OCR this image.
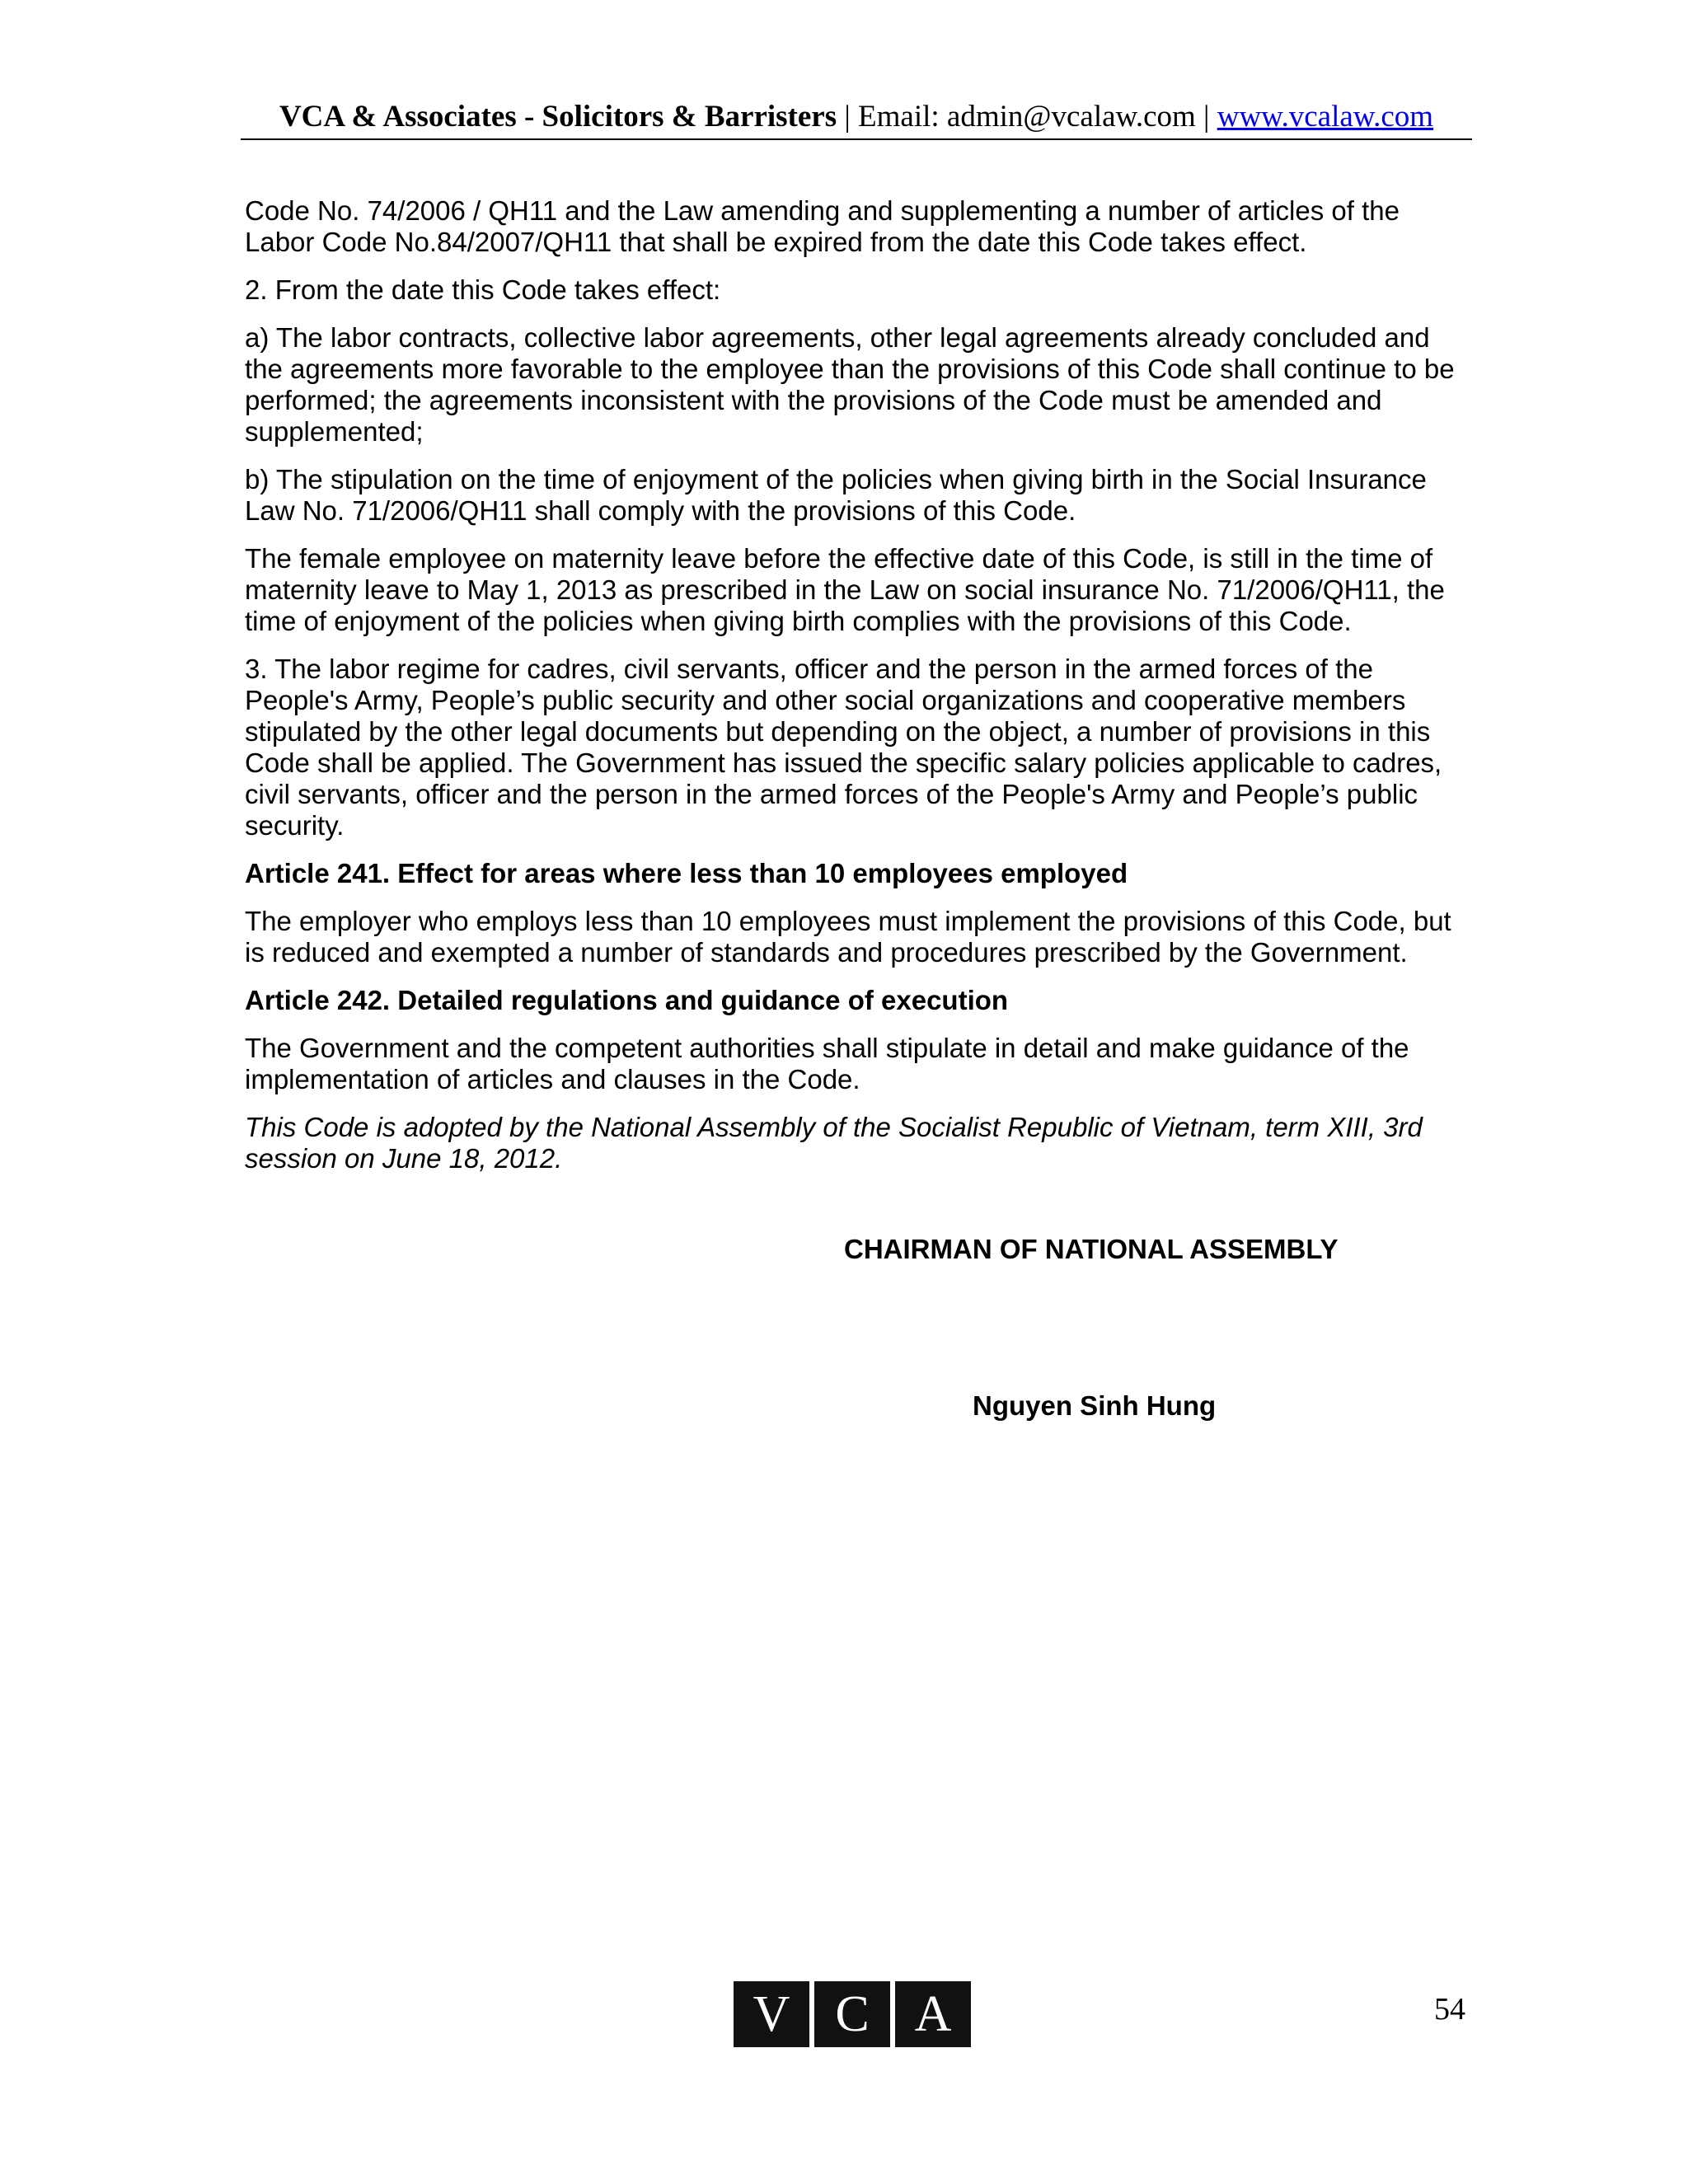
VCA & Associates - Solicitors & Barristers | Email: admin@vcalaw.com | www.vcalaw.com

Code No. 74/2006 / QH11 and the Law amending and supplementing a number of articles of the Labor Code No.84/2007/QH11 that shall be expired from the date this Code takes effect.

2. From the date this Code takes effect:

a) The labor contracts, collective labor agreements, other legal agreements already concluded and the agreements more favorable to the employee than the provisions of this Code shall continue to be performed; the agreements inconsistent with the provisions of the Code must be amended and supplemented;

b) The stipulation on the time of enjoyment of the policies when giving birth in the Social Insurance Law No. 71/2006/QH11 shall comply with the provisions of this Code.

The female employee on maternity leave before the effective date of this Code, is still in the time of maternity leave to May 1, 2013 as prescribed in the Law on social insurance No. 71/2006/QH11, the time of enjoyment of the policies when giving birth complies with the provisions of this Code.

3. The labor regime for cadres, civil servants, officer and the person in the armed forces of the People's Army, People’s public security and other social organizations and cooperative members stipulated by the other legal documents but depending on the object, a number of provisions in this Code shall be applied. The Government has issued the specific salary policies applicable to cadres, civil servants, officer and the person in the armed forces of the People's Army and People’s public security.

Article 241. Effect for areas where less than 10 employees employed

The employer who employs less than 10 employees must implement the provisions of this Code, but is reduced and exempted a number of standards and procedures prescribed by the Government.

Article 242. Detailed regulations and guidance of execution

The Government and the competent authorities shall stipulate in detail and make guidance of the implementation of articles and clauses in the Code.

This Code is adopted by the National Assembly of the Socialist Republic of Vietnam, term XIII, 3rd session on June 18, 2012.

CHAIRMAN OF NATIONAL ASSEMBLY
Nguyen Sinh Hung
V C A	54
